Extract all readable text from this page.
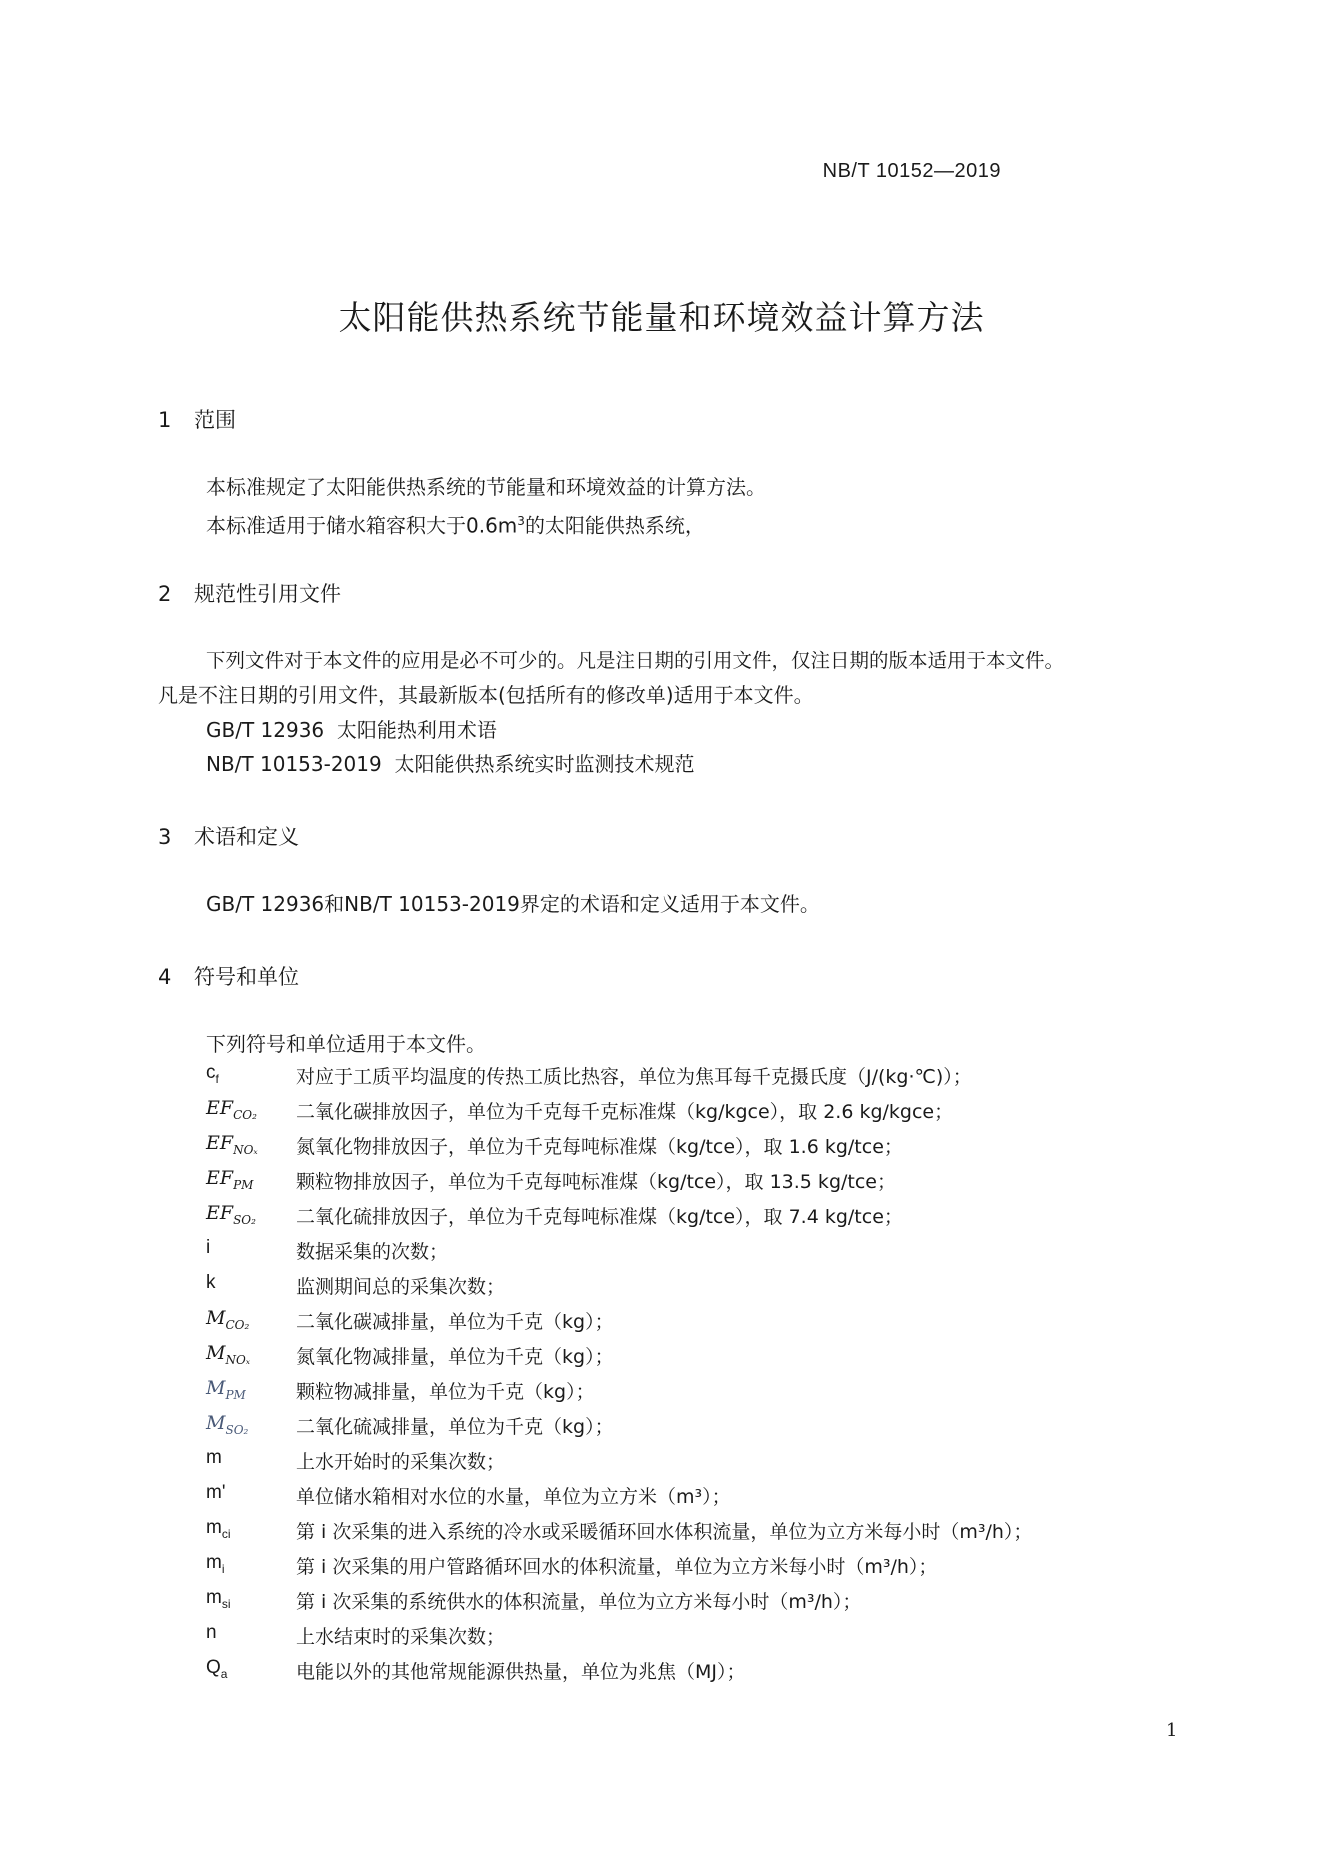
NB/T 10152—2019
太阳能供热系统节能量和环境效益计算方法
1 范围
本标准规定了太阳能供热系统的节能量和环境效益的计算方法。
本标准适用于储水箱容积大于$0.6m^3$的太阳能供热系统，
2 规范性引用文件
下列文件对于本文件的应用是必不可少的。凡是注日期的引用文件，仅注日期的版本适用于本文件。
凡是不注日期的引用文件，其最新版本(包括所有的修改单)适用于本文件。
GB/T 12936  太阳能热利用术语
NB/T 10153-2019  太阳能供热系统实时监测技术规范
3 术语和定义
GB/T 12936和NB/T 10153-2019界定的术语和定义适用于本文件。
4 符号和单位
下列符号和单位适用于本文件。
$c_f$	对应于工质平均温度的传热工质比热容，单位为焦耳每千克摄氏度（J/(kg·℃)）；
$EF_{CO_2}$	二氧化碳排放因子，单位为千克每千克标准煤（kg/kgce），取 2.6 kg/kgce；
$EF_{NO_x}$	氮氧化物排放因子，单位为千克每吨标准煤（kg/tce），取 1.6 kg/tce；
$EF_{PM}$	颗粒物排放因子，单位为千克每吨标准煤（kg/tce），取 13.5 kg/tce；
$EF_{SO_2}$	二氧化硫排放因子，单位为千克每吨标准煤（kg/tce），取 7.4 kg/tce；
i	数据采集的次数；
k	监测期间总的采集次数；
$M_{CO_2}$	二氧化碳减排量，单位为千克（kg）；
$M_{NO_x}$	氮氧化物减排量，单位为千克（kg）；
$M_{PM}$	颗粒物减排量，单位为千克（kg）；
$M_{SO_2}$	二氧化硫减排量，单位为千克（kg）；
m	上水开始时的采集次数；
m'	单位储水箱相对水位的水量，单位为立方米（m³）；
$m_{ci}$	第 i 次采集的进入系统的冷水或采暖循环回水体积流量，单位为立方米每小时（m³/h）；
$m_i$	第 i 次采集的用户管路循环回水的体积流量，单位为立方米每小时（m³/h）；
$m_{si}$	第 i 次采集的系统供水的体积流量，单位为立方米每小时（m³/h）；
n	上水结束时的采集次数；
$Q_a$	电能以外的其他常规能源供热量，单位为兆焦（MJ）；
1
